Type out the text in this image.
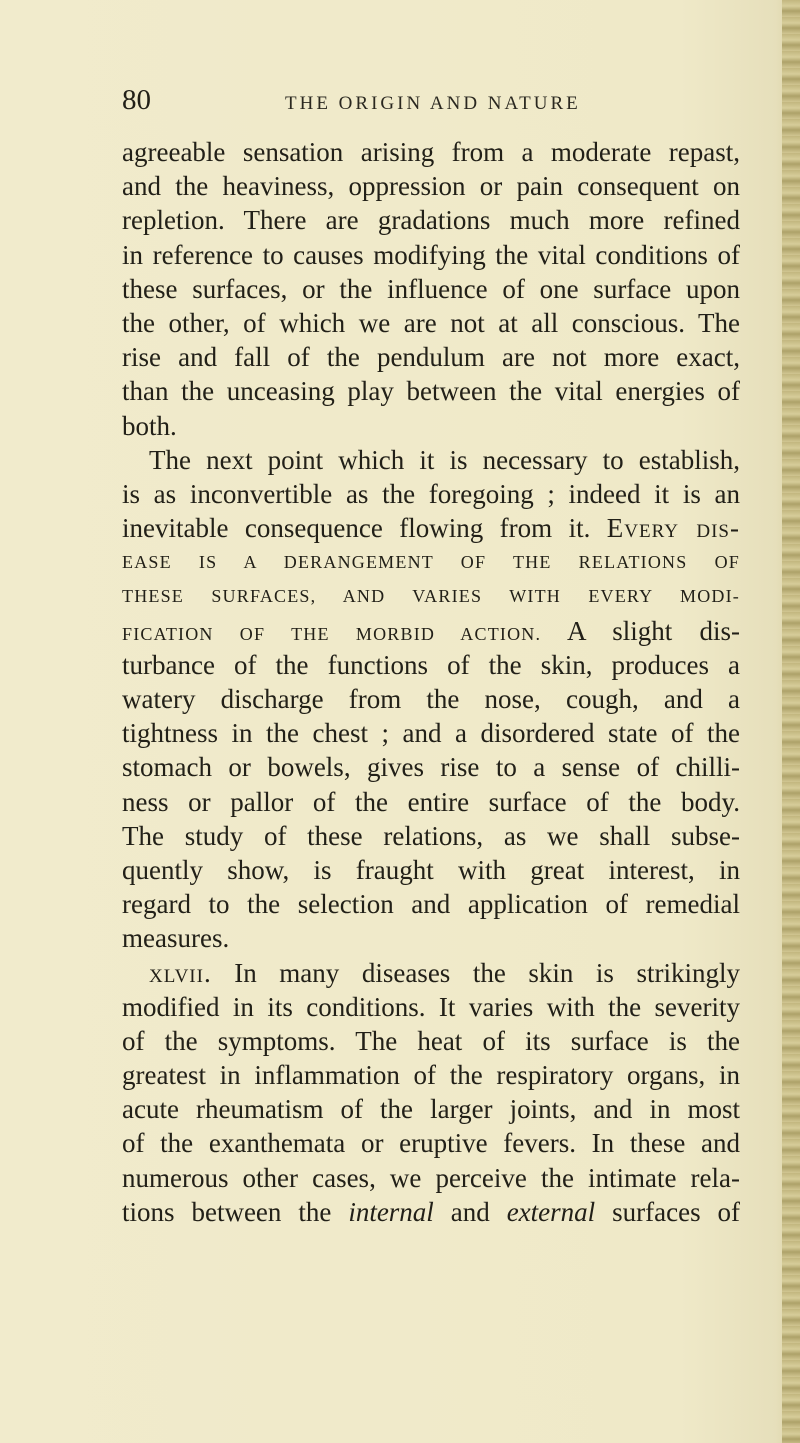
80	THE ORIGIN AND NATURE
agreeable sensation arising from a moderate repast,
and the heaviness, oppression or pain consequent on
repletion. There are gradations much more refined
in reference to causes modifying the vital conditions of
these surfaces, or the influence of one surface upon
the other, of which we are not at all conscious. The
rise and fall of the pendulum are not more exact,
than the unceasing play between the vital energies of
both.
The next point which it is necessary to establish,
is as inconvertible as the foregoing ; indeed it is an
inevitable consequence flowing from it. Every dis-
EASE IS A DERANGEMENT OF THE RELATIONS OF
THESE SURFACES, AND VARIES WITH EVERY MODI-
FICATION OF THE MORBID ACTION. A slight dis-
turbance of the functions of the skin, produces a
watery discharge from the nose, cough, and a
tightness in the chest ; and a disordered state of the
stomach or bowels, gives rise to a sense of chilli-
ness or pallor of the entire surface of the body.
The study of these relations, as we shall subse-
quently show, is fraught with great interest, in
regard to the selection and application of remedial
measures.
xlvii. In many diseases the skin is strikingly
modified in its conditions. It varies with the severity
of the symptoms. The heat of its surface is the
greatest in inflammation of the respiratory organs, in
acute rheumatism of the larger joints, and in most
of the exanthemata or eruptive fevers. In these and
numerous other cases, we perceive the intimate rela-
tions between the internal and external surfaces of
